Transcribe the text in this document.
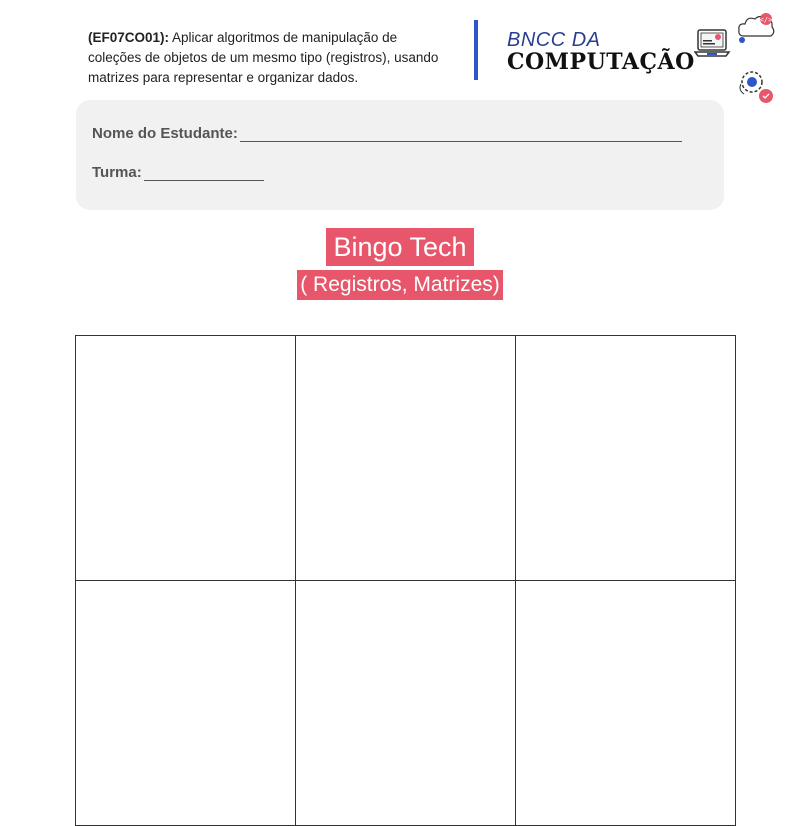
(EF07CO01): Aplicar algoritmos de manipulação de
coleções de objetos de um mesmo tipo (registros), usando
matrizes para representar e organizar dados.

BNCC DA
COMPUTAÇÃO
</>
Nome do Estudante:
Turma:
Bingo Tech
( Registros, Matrizes)
